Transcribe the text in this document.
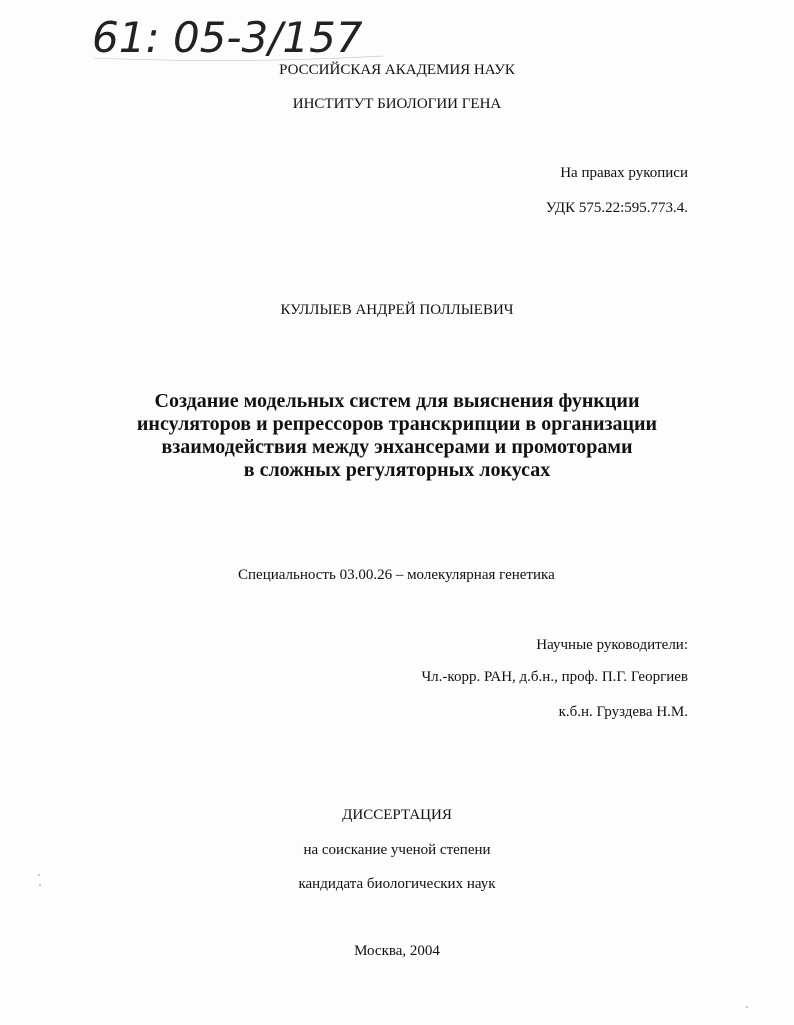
61: 05-3/157
РОССИЙСКАЯ АКАДЕМИЯ НАУК
ИНСТИТУТ БИОЛОГИИ ГЕНА
На правах рукописи
УДК 575.22:595.773.4.
КУЛЛЫЕВ АНДРЕЙ ПОЛЛЫЕВИЧ
Создание модельных систем для выяснения функции
инсуляторов и репрессоров транскрипции в организации
взаимодействия между энхансерами и промоторами
в сложных регуляторных локусах
Специальность 03.00.26 – молекулярная генетика
Научные руководители:
Чл.-корр. РАН, д.б.н., проф. П.Г. Георгиев
к.б.н. Груздева Н.М.
ДИССЕРТАЦИЯ
на соискание ученой степени
кандидата биологических наук
Москва, 2004
